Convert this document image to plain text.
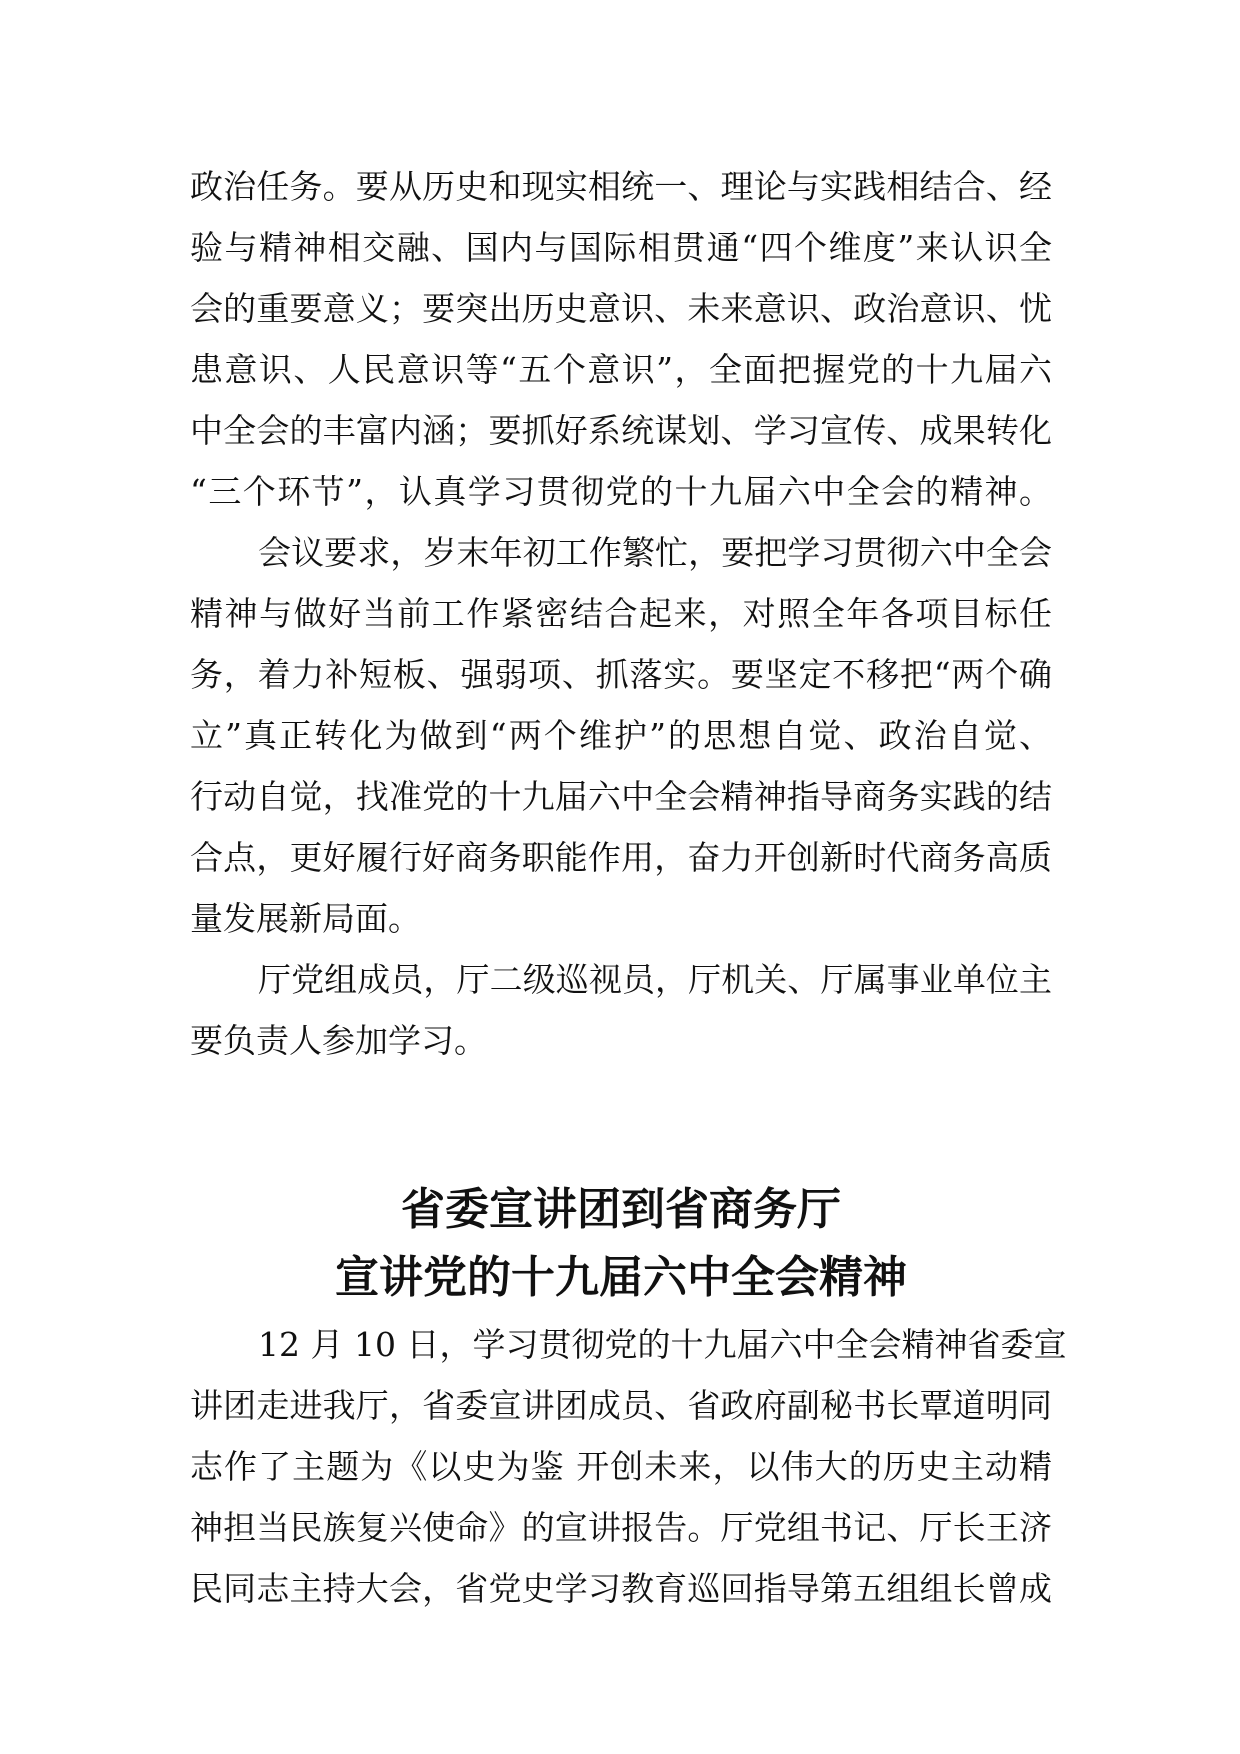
政治任务。要从历史和现实相统一、理论与实践相结合、经
验与精神相交融、国内与国际相贯通“四个维度”来认识全
会的重要意义；要突出历史意识、未来意识、政治意识、忧
患意识、人民意识等“五个意识”，全面把握党的十九届六
中全会的丰富内涵；要抓好系统谋划、学习宣传、成果转化
“三个环节”，认真学习贯彻党的十九届六中全会的精神。
会议要求，岁末年初工作繁忙，要把学习贯彻六中全会
精神与做好当前工作紧密结合起来，对照全年各项目标任
务，着力补短板、强弱项、抓落实。要坚定不移把“两个确
立”真正转化为做到“两个维护”的思想自觉、政治自觉、
行动自觉，找准党的十九届六中全会精神指导商务实践的结
合点，更好履行好商务职能作用，奋力开创新时代商务高质
量发展新局面。
厅党组成员，厅二级巡视员，厅机关、厅属事业单位主
要负责人参加学习。
省委宣讲团到省商务厅
宣讲党的十九届六中全会精神
12 月 10 日，学习贯彻党的十九届六中全会精神省委宣
讲团走进我厅，省委宣讲团成员、省政府副秘书长覃道明同
志作了主题为《以史为鉴 开创未来，以伟大的历史主动精
神担当民族复兴使命》的宣讲报告。厅党组书记、厅长王济
民同志主持大会，省党史学习教育巡回指导第五组组长曾成
